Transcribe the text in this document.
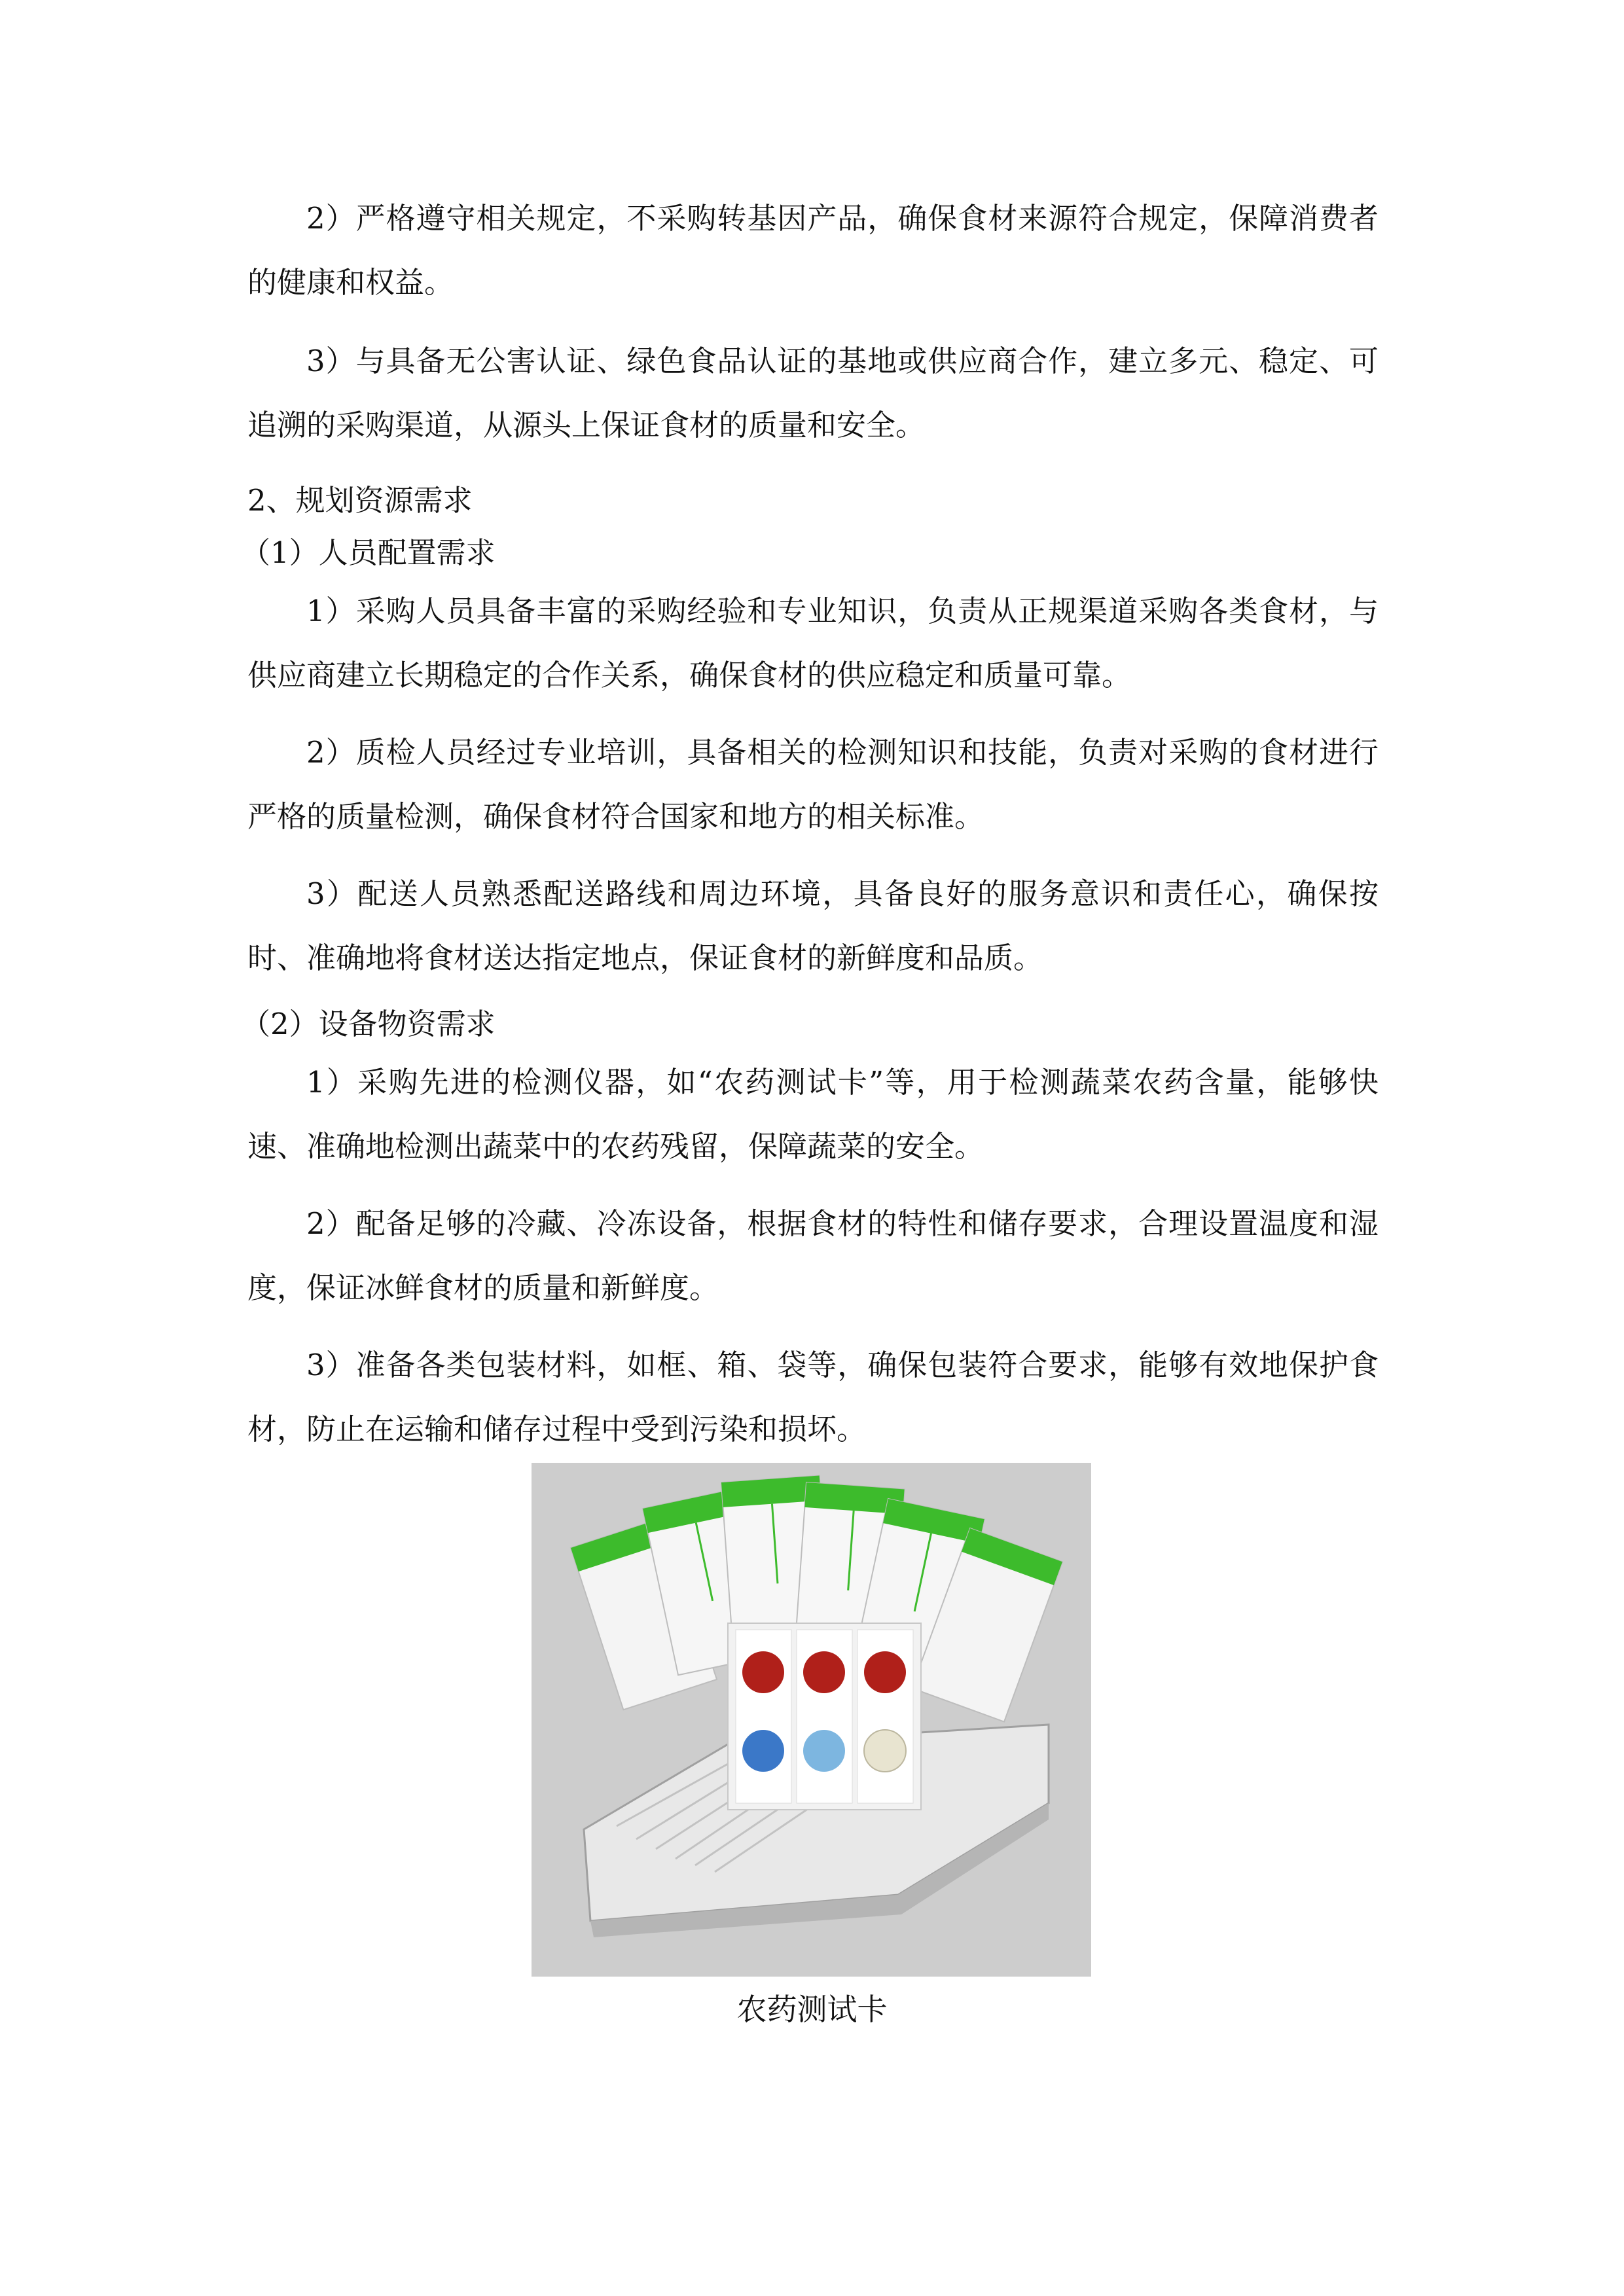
2）严格遵守相关规定，不采购转基因产品，确保食材来源符合规定，保障消费者的健康和权益。

3）与具备无公害认证、绿色食品认证的基地或供应商合作，建立多元、稳定、可追溯的采购渠道，从源头上保证食材的质量和安全。

2、规划资源需求

（1）人员配置需求

1）采购人员具备丰富的采购经验和专业知识，负责从正规渠道采购各类食材，与供应商建立长期稳定的合作关系，确保食材的供应稳定和质量可靠。

2）质检人员经过专业培训，具备相关的检测知识和技能，负责对采购的食材进行严格的质量检测，确保食材符合国家和地方的相关标准。

3）配送人员熟悉配送路线和周边环境，具备良好的服务意识和责任心，确保按时、准确地将食材送达指定地点，保证食材的新鲜度和品质。

（2）设备物资需求

1）采购先进的检测仪器，如“农药测试卡”等，用于检测蔬菜农药含量，能够快速、准确地检测出蔬菜中的农药残留，保障蔬菜的安全。

2）配备足够的冷藏、冷冻设备，根据食材的特性和储存要求，合理设置温度和湿度，保证冰鲜食材的质量和新鲜度。

3）准备各类包装材料，如框、箱、袋等，确保包装符合要求，能够有效地保护食材，防止在运输和储存过程中受到污染和损坏。

农药测试卡
